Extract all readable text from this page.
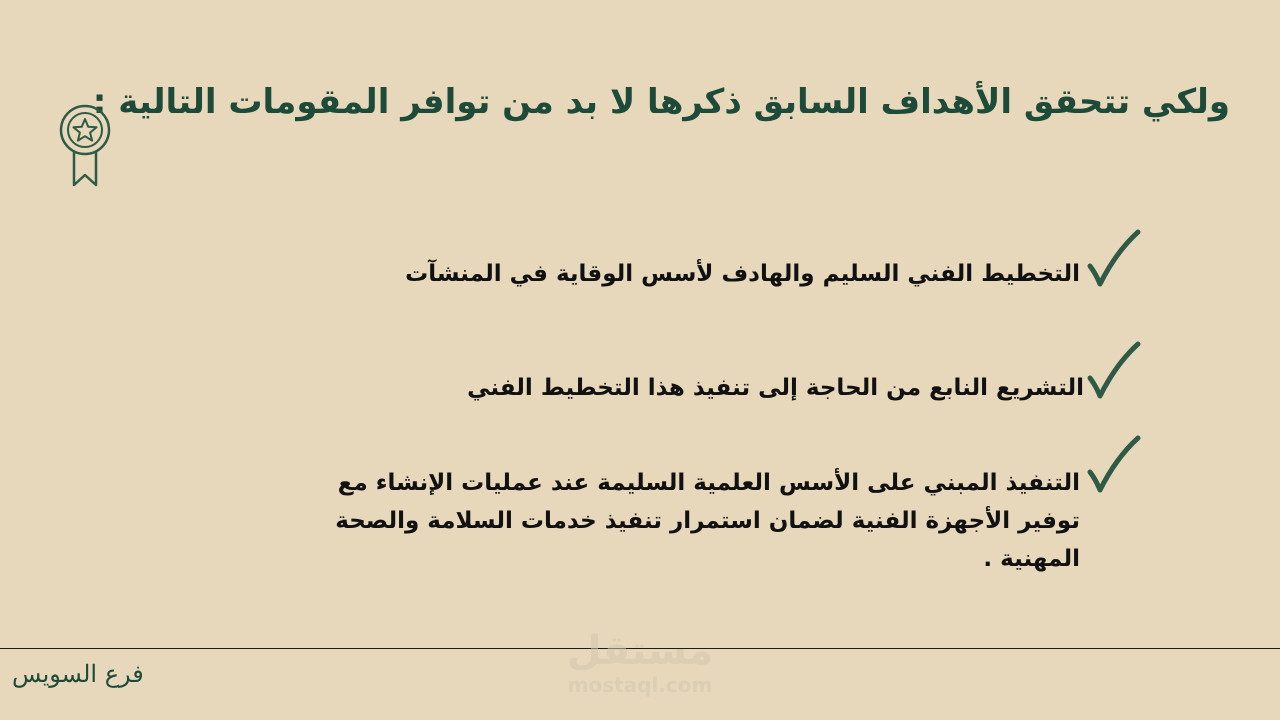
ولكي تتحقق الأهداف السابق ذكرها لا بد من توافر المقومات التالية :
التخطيط الفني السليم والهادف لأسس الوقاية في المنشآت
التشريع النابع من الحاجة إلى تنفيذ هذا التخطيط الفني
التنفيذ المبني على الأسس العلمية السليمة عند عمليات الإنشاء مع توفير الأجهزة الفنية لضمان استمرار تنفيذ خدمات السلامة والصحة المهنية .
مستقل
mostaql.com
فرع السويس
